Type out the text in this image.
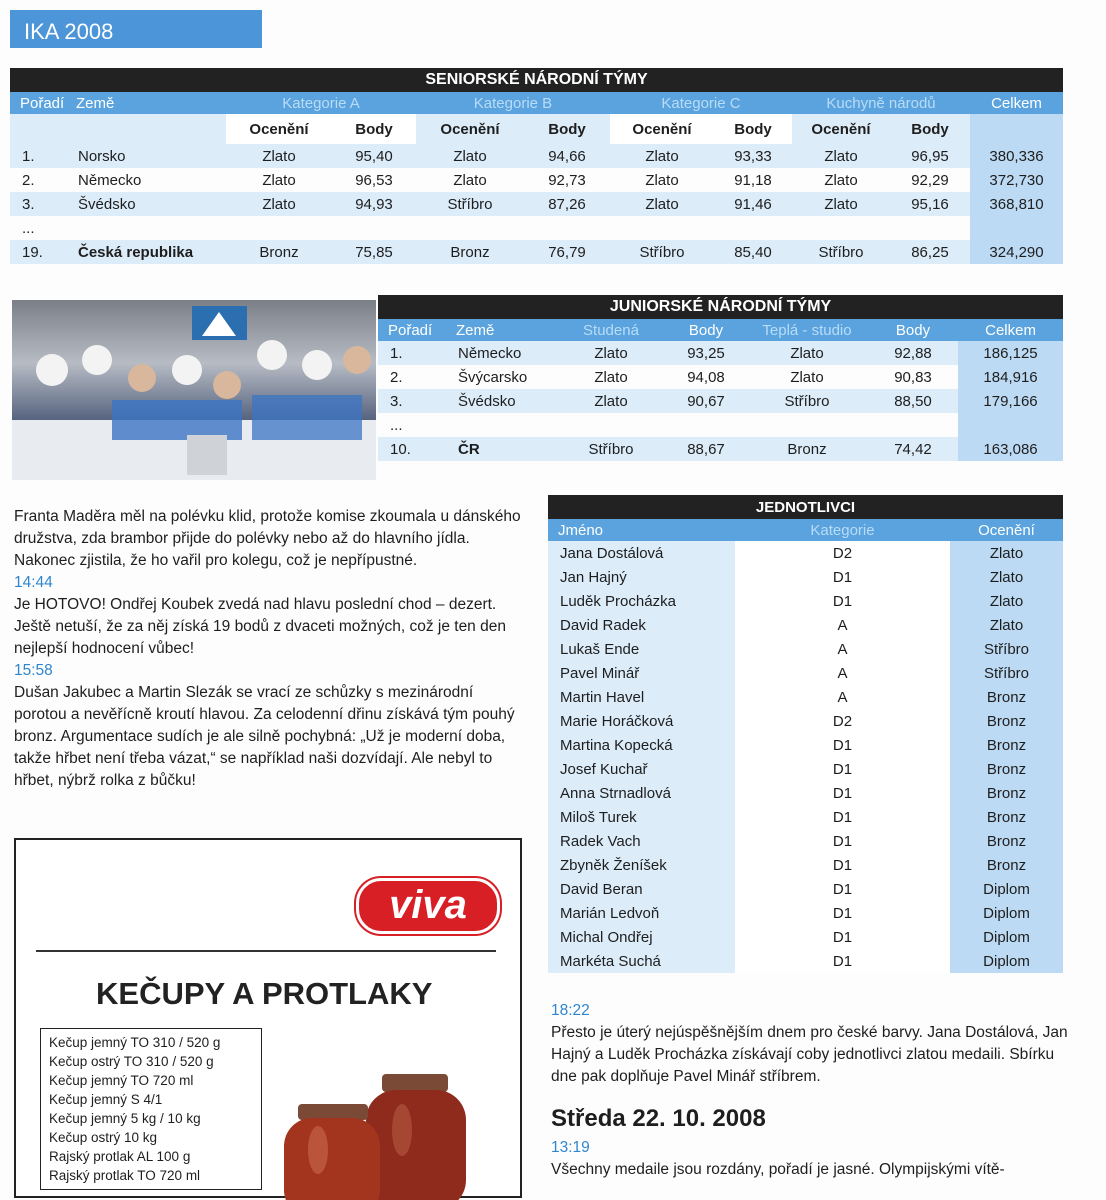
IKA 2008
SENIORSKÉ NÁRODNÍ TÝMY										
Pořadí	Země	Kategorie A		Kategorie B		Kategorie C		Kuchyně národů		Celkem
		Ocenění	Body	Ocenění	Body	Ocenění	Body	Ocenění	Body	
1.	Norsko	Zlato	95,40	Zlato	94,66	Zlato	93,33	Zlato	96,95	380,336
2.	Německo	Zlato	96,53	Zlato	92,73	Zlato	91,18	Zlato	92,29	372,730
3.	Švédsko	Zlato	94,93	Stříbro	87,26	Zlato	91,46	Zlato	95,16	368,810
...										
19.	Česká republika	Bronz	75,85	Bronz	76,79	Stříbro	85,40	Stříbro	86,25	324,290
JUNIORSKÉ NÁRODNÍ TÝMY						
Pořadí	Země	Studená	Body	Teplá - studio	Body	Celkem
1.	Německo	Zlato	93,25	Zlato	92,88	186,125
2.	Švýcarsko	Zlato	94,08	Zlato	90,83	184,916
3.	Švédsko	Zlato	90,67	Stříbro	88,50	179,166
...						
10.	ČR	Stříbro	88,67	Bronz	74,42	163,086
Franta Maděra měl na polévku klid, protože komise zkoumala u dánského družstva, zda brambor přijde do polévky nebo až do hlavního jídla. Nakonec zjistila, že ho vařil pro kolegu, což je nepřípustné.
14:44
Je HOTOVO! Ondřej Koubek zvedá nad hlavu poslední chod – dezert. Ještě netuší, že za něj získá 19 bodů z dvaceti možných, což je ten den nejlepší hodnocení vůbec!
15:58
Dušan Jakubec a Martin Slezák se vrací ze schůzky s mezinárodní porotou a nevěřícně kroutí hlavou. Za celodenní dřinu získává tým pouhý bronz. Argumentace sudích je ale silně pochybná: „Už je moderní doba, takže hřbet není třeba vázat,“ se například naši dozvídají. Ale nebyl to hřbet, nýbrž rolka z bůčku!
JEDNOTLIVCI		
Jméno	Kategorie	Ocenění
Jana Dostálová	D2	Zlato
Jan Hajný	D1	Zlato
Luděk Procházka	D1	Zlato
David Radek	A	Zlato
Lukaš Ende	A	Stříbro
Pavel Minář	A	Stříbro
Martin Havel	A	Bronz
Marie Horáčková	D2	Bronz
Martina Kopecká	D1	Bronz
Josef Kuchař	D1	Bronz
Anna Strnadlová	D1	Bronz
Miloš Turek	D1	Bronz
Radek Vach	D1	Bronz
Zbyněk Ženíšek	D1	Bronz
David Beran	D1	Diplom
Marián Ledvoň	D1	Diplom
Michal Ondřej	D1	Diplom
Markéta Suchá	D1	Diplom
18:22
Přesto je úterý nejúspěšnějším dnem pro české barvy. Jana Dostálová, Jan Hajný a Luděk Procházka získávají coby jednotlivci zlatou medaili. Sbírku dne pak doplňuje Pavel Minář stříbrem.
Středa 22. 10. 2008
13:19
Všechny medaile jsou rozdány, pořadí je jasné. Olympijskými vítě-
viva
KEČUPY A PROTLAKY
Kečup jemný TO 310 / 520 g
Kečup ostrý TO 310 / 520 g
Kečup jemný TO 720 ml
Kečup jemný S 4/1
Kečup jemný 5 kg / 10 kg
Kečup ostrý 10 kg
Rajský protlak AL 100 g
Rajský protlak TO 720 ml
